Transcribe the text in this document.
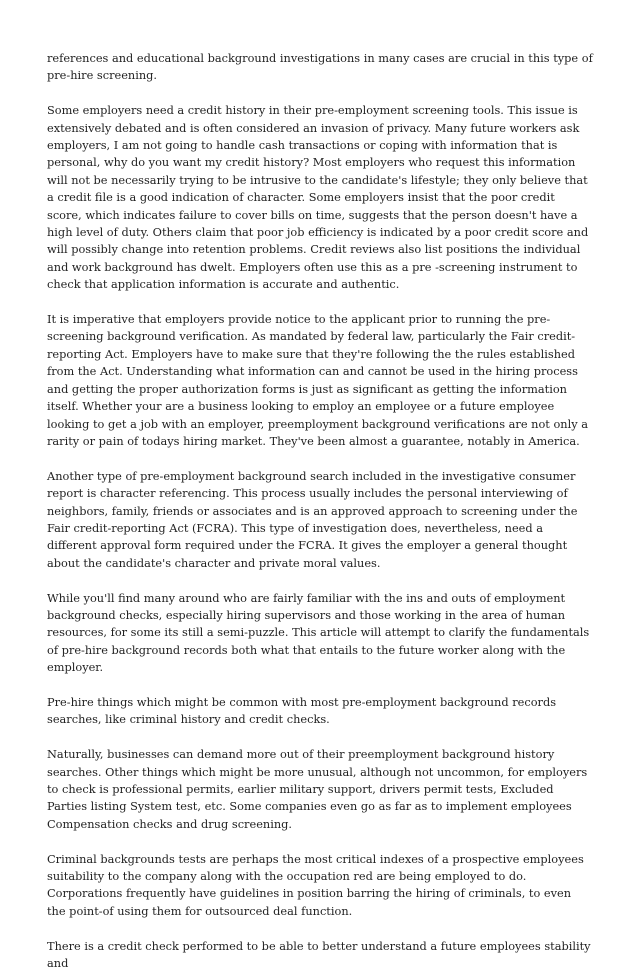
references and educational background investigations in many cases are crucial in this type of pre-hire screening.

Some employers need a credit history in their pre-employment screening tools. This issue is extensively debated and is often considered an invasion of privacy. Many future workers ask employers, I am not going to handle cash transactions or coping with information that is personal, why do you want my credit history? Most employers who request this information will not be necessarily trying to be intrusive to the candidate's lifestyle; they only believe that a credit file is a good indication of character. Some employers insist that the poor credit score, which indicates failure to cover bills on time, suggests that the person doesn't have a high level of duty. Others claim that poor job efficiency is indicated by a poor credit score and will possibly change into retention problems. Credit reviews also list positions the individual and work background has dwelt. Employers often use this as a pre -screening instrument to check that application information is accurate and authentic.

It is imperative that employers provide notice to the applicant prior to running the pre-screening background verification. As mandated by federal law, particularly the Fair credit-reporting Act. Employers have to make sure that they're following the the rules established from the Act. Understanding what information can and cannot be used in the hiring process and getting the proper authorization forms is just as significant as getting the information itself. Whether your are a business looking to employ an employee or a future employee looking to get a job with an employer, preemployment background verifications are not only a rarity or pain of todays hiring market. They've been almost a guarantee, notably in America.

Another type of pre-employment background search included in the investigative consumer report is character referencing. This process usually includes the personal interviewing of neighbors, family, friends or associates and is an approved approach to screening under the Fair credit-reporting Act (FCRA). This type of investigation does, nevertheless, need a different approval form required under the FCRA. It gives the employer a general thought about the candidate's character and private moral values.

While you'll find many around who are fairly familiar with the ins and outs of employment background checks, especially hiring supervisors and those working in the area of human resources, for some its still a semi-puzzle. This article will attempt to clarify the fundamentals of pre-hire background records both what that entails to the future worker along with the employer.

Pre-hire things which might be common with most pre-employment background records searches, like criminal history and credit checks.

Naturally, businesses can demand more out of their preemployment background history searches. Other things which might be more unusual, although not uncommon, for employers to check is professional permits, earlier military support, drivers permit tests, Excluded Parties listing System test, etc. Some companies even go as far as to implement employees Compensation checks and drug screening.

Criminal backgrounds tests are perhaps the most critical indexes of a prospective employees suitability to the company along with the occupation red are being employed to do. Corporations frequently have guidelines in position barring the hiring of criminals, to even the point-of using them for outsourced deal function.

There is a credit check performed to be able to better understand a future employees stability and
